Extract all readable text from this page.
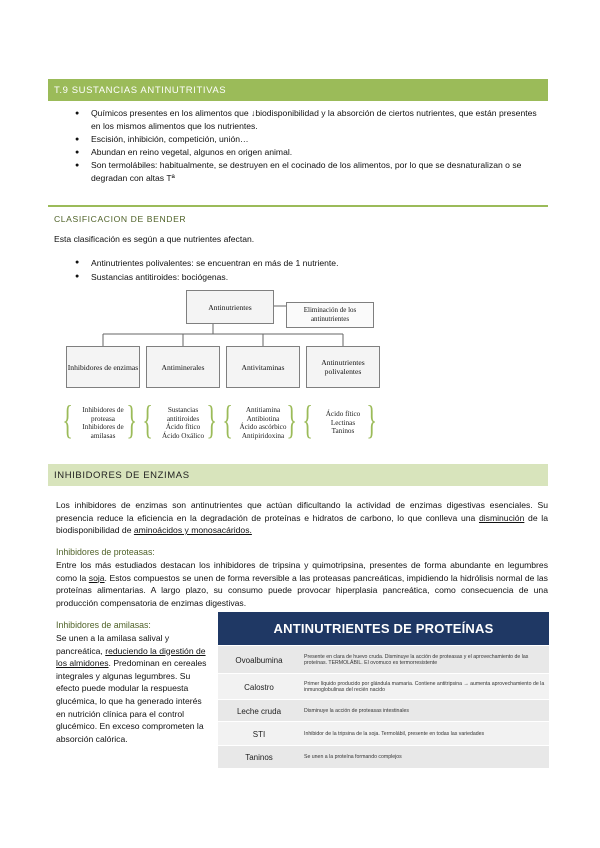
T.9 SUSTANCIAS ANTINUTRITIVAS
● Químicos presentes en los alimentos que ↓biodisponibilidad y la absorción de ciertos nutrientes, que están presentes en los mismos alimentos que los nutrientes.
● Escisión, inhibición, competición, unión…
● Abundan en reino vegetal, algunos en origen animal.
● Son termolábiles: habitualmente, se destruyen en el cocinado de los alimentos, por lo que se desnaturalizan o se degradan con altas Tª
CLASIFICACION DE BENDER
Esta clasificación es según a que nutrientes afectan.
● Antinutrientes polivalentes: se encuentran en más de 1 nutriente.
● Sustancias antitiroides: bociógenas.
Antinutrientes	Eliminación de los antinutrientes
Inhibidores de enzimas	Antiminerales	Antivitaminas	Antinutrientes polivalentes
{ } { } { } { }
Inhibidores de
proteasa
Inhibidores de
amilasas
Sustancias
antitiroides
Ácido fítico
Ácido Oxálico
Antitiamina
Antibiotina
Ácido ascórbico
Antipiridoxina
Ácido fítico
Lectinas
Taninos
INHIBIDORES DE ENZIMAS
Los inhibidores de enzimas son antinutrientes que actúan dificultando la actividad de enzimas digestivas esenciales. Su presencia reduce la eficiencia en la degradación de proteínas e hidratos de carbono, lo que conlleva una disminución de la biodisponibilidad de aminoácidos y monosacáridos.
Inhibidores de proteasas:
Entre los más estudiados destacan los inhibidores de tripsina y quimotripsina, presentes de forma abundante en legumbres como la soja. Estos compuestos se unen de forma reversible a las proteasas pancreáticas, impidiendo la hidrólisis normal de las proteínas alimentarias. A largo plazo, su consumo puede provocar hiperplasia pancreática, como consecuencia de una producción compensatoria de enzimas digestivas.
Inhibidores de amilasas:
Se unen a la amilasa salival y pancreática, reduciendo la digestión de los almidones. Predominan en cereales integrales y algunas legumbres. Su efecto puede modular la respuesta glucémica, lo que ha generado interés en nutrición clínica para el control glucémico. En exceso comprometen la absorción calórica.
ANTINUTRIENTES DE PROTEÍNAS
Ovoalbumina	Presente en clara de huevo cruda. Disminuye la acción de proteasas y el aprovechamiento de las proteínas. TERMOLÁBIL. El ovomuco es termorresistente
Calostro	Primer líquido producido por glándula mamaria. Contiene antitripsina → aumenta aprovechamiento de la inmunoglobulinas del recién nacido
Leche cruda	Disminuye la acción de proteasas intestinales
STI	Inhibidor de la tripsina de la soja. Termolábil, presente en todas las variedades
Taninos	Se unen a la proteína formando complejos
